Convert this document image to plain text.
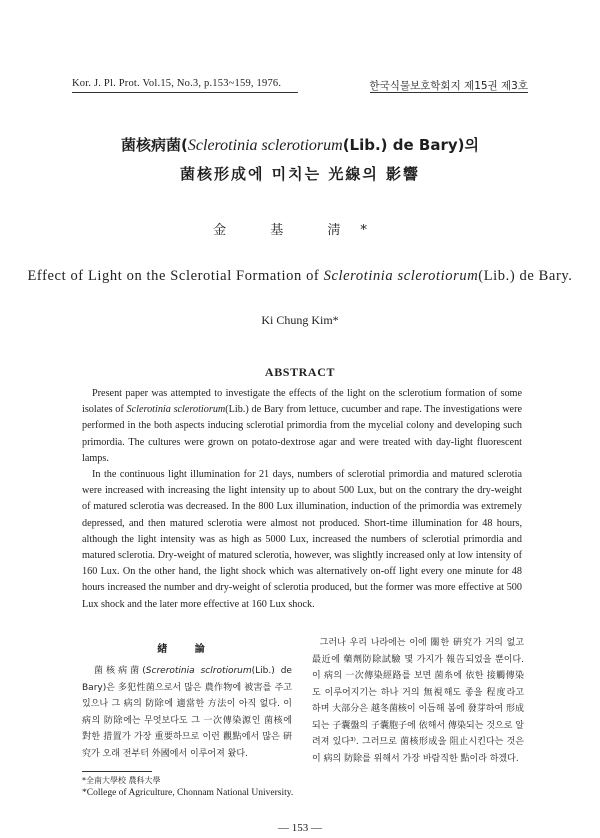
Kor. J. Pl. Prot. Vol.15, No.3, p.153~159, 1976.	한국식물보호학회지 제15권 제3호
菌核病菌(Sclerotinia sclerotiorum(Lib.) de Bary)의
菌核形成에 미치는 光線의 影響
金 基 淸*
Effect of Light on the Sclerotial Formation of Sclerotinia sclerotiorum(Lib.) de Bary.
Ki Chung Kim*
ABSTRACT

Present paper was attempted to investigate the effects of the light on the sclerotium formation of some isolates of Sclerotinia sclerotiorum(Lib.) de Bary from lettuce, cucumber and rape. The investigations were performed in the both aspects inducing sclerotial primordia from the mycelial colony and developing such primordia. The cultures were grown on potato-dextrose agar and were treated with day-light fluorescent lamps.

In the continuous light illumination for 21 days, numbers of sclerotial primordia and matured sclerotia were increased with increasing the light intensity up to about 500 Lux, but on the contrary the dry-weight of matured sclerotia was decreased. In the 800 Lux illumination, induction of the primordia was extremely depressed, and then matured sclerotia were almost not produced. Short-time illumination for 48 hours, although the light intensity was as high as 5000 Lux, increased the numbers of sclerotial primordia and matured sclerotia. Dry-weight of matured sclerotia, however, was slightly increased only at low intensity of 160 Lux. On the other hand, the light shock which was alternatively on-off light every one minute for 48 hours increased the number and dry-weight of sclerotia produced, but the former was more effective at 500 Lux shock and the later more effective at 160 Lux shock.

緖 論

菌核病菌(Screrotinia sclrotiorum(Lib.) de Bary)은 多犯性菌으로서 많은 農作物에 被害를 주고 있으나 그 病의 防除에 適當한 方法이 아직 없다. 이 病의 防除에는 무엇보다도 그 一次傳染源인 菌核에 對한 措置가 가장 重要하므로 이런 觀點에서 많은 硏究가 오래 전부터 外國에서 이루어져 왔다.

그러나 우리 나라에는 이에 關한 硏究가 거의 없고 最近에 藥劑防除試驗 몇 가지가 報告되었을 뿐이다. 이 病의 一次傳染經路를 보면 菌糸에 依한 接觸傳染도 이루어지기는 하나 거의 無視해도 좋을 程度라고 하며 大部分은 越冬菌核이 이듬해 봄에 發芽하여 形成되는 子囊盤의 子囊胞子에 依해서 傳染되는 것으로 알려져 있다³⁾. 그러므로 菌核形成을 阻止시킨다는 것은 이 病의 防除를 위해서 가장 바람직한 點이라 하겠다.

*全南大學校 農科大學
*College of Agriculture, Chonnam National University.
— 153 —
